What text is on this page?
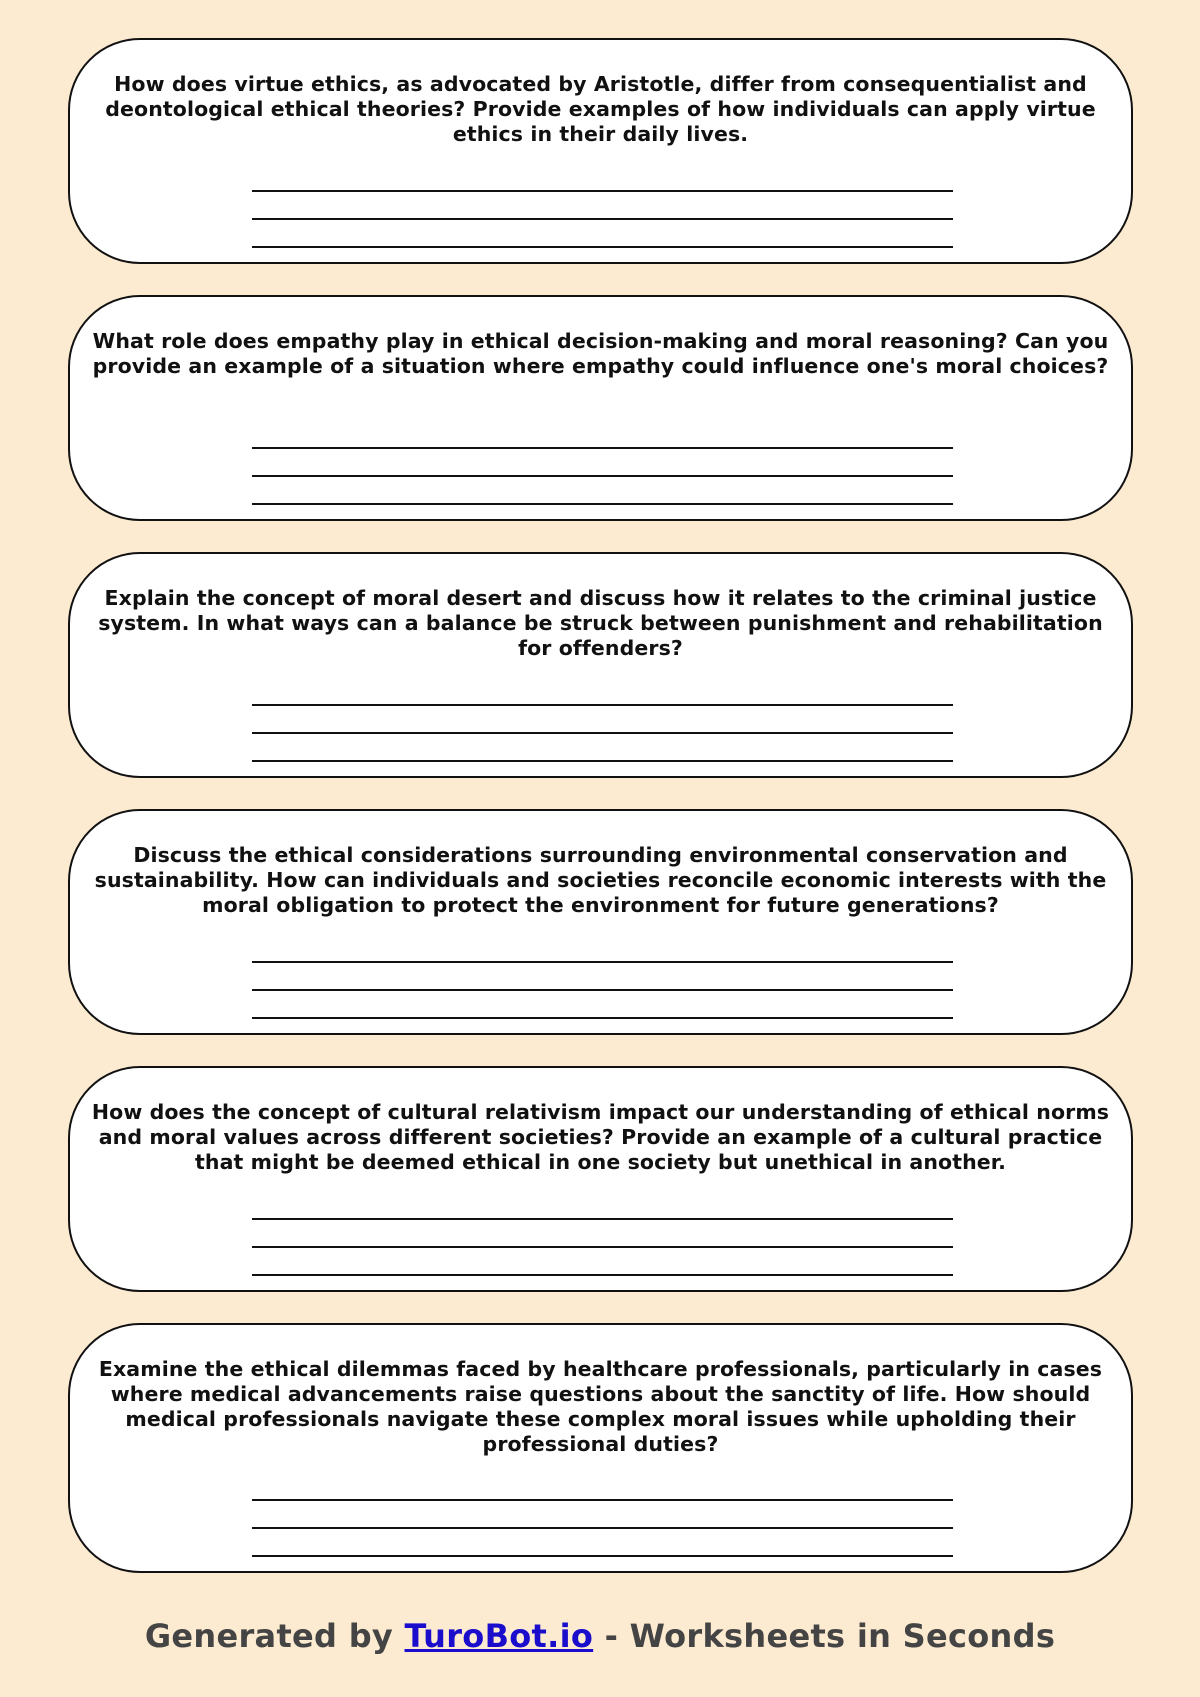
How does virtue ethics, as advocated by Aristotle, differ from consequentialist and deontological ethical theories? Provide examples of how individuals can apply virtue ethics in their daily lives.

What role does empathy play in ethical decision-making and moral reasoning? Can you provide an example of a situation where empathy could influence one's moral choices?

Explain the concept of moral desert and discuss how it relates to the criminal justice system. In what ways can a balance be struck between punishment and rehabilitation for offenders?

Discuss the ethical considerations surrounding environmental conservation and sustainability. How can individuals and societies reconcile economic interests with the moral obligation to protect the environment for future generations?

How does the concept of cultural relativism impact our understanding of ethical norms and moral values across different societies? Provide an example of a cultural practice that might be deemed ethical in one society but unethical in another.

Examine the ethical dilemmas faced by healthcare professionals, particularly in cases where medical advancements raise questions about the sanctity of life. How should medical professionals navigate these complex moral issues while upholding their professional duties?

Generated by TuroBot.io - Worksheets in Seconds
